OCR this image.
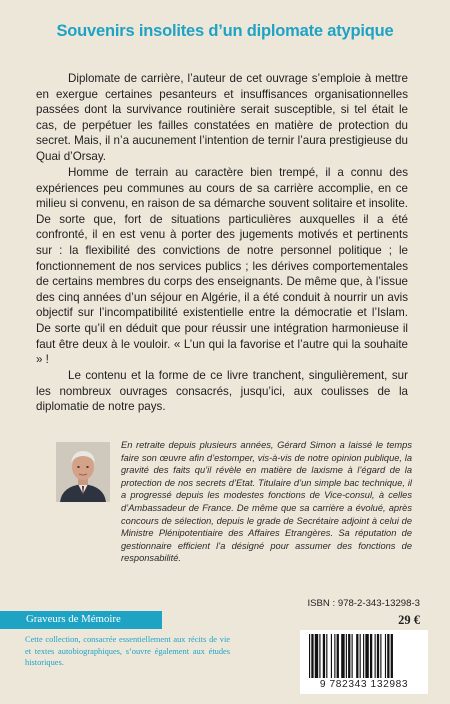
Souvenirs insolites d’un diplomate atypique

Diplomate de carrière, l’auteur de cet ouvrage s’emploie à mettre en exergue certaines pesanteurs et insuffisances organisationnelles passées dont la survivance routinière serait susceptible, si tel était le cas, de perpétuer les failles constatées en matière de protection du secret. Mais, il n’a aucunement l’intention de ternir l’aura prestigieuse du Quai d’Orsay.

Homme de terrain au caractère bien trempé, il a connu des expériences peu communes au cours de sa carrière accomplie, en ce milieu si convenu, en raison de sa démarche souvent solitaire et insolite. De sorte que, fort de situations particulières auxquelles il a été confronté, il en est venu à porter des jugements motivés et pertinents sur : la flexibilité des convictions de notre personnel politique ; le fonctionnement de nos services publics ; les dérives comportementales de certains membres du corps des enseignants. De même que, à l’issue des cinq années d’un séjour en Algérie, il a été conduit à nourrir un avis objectif sur l’incompatibilité existentielle entre la démocratie et l’Islam. De sorte qu’il en déduit que pour réussir une intégration harmonieuse il faut être deux à le vouloir. « L’un qui la favorise et l’autre qui la souhaite » !

Le contenu et la forme de ce livre tranchent, singulièrement, sur les nombreux ouvrages consacrés, jusqu’ici, aux coulisses de la diplomatie de notre pays.

En retraite depuis plusieurs années, Gérard Simon a laissé le temps faire son œuvre afin d’estomper, vis-à-vis de notre opinion publique, la gravité des faits qu’il révèle en matière de laxisme à l’égard de la protection de nos secrets d’Etat. Titulaire d’un simple bac technique, il a progressé depuis les modestes fonctions de Vice-consul, à celles d’Ambassadeur de France. De même que sa carrière a évolué, après concours de sélection, depuis le grade de Secrétaire adjoint à celui de Ministre Plénipotentiaire des Affaires Etrangères. Sa réputation de gestionnaire efficient l’a désigné pour assumer des fonctions de responsabilité.
ISBN : 978-2-343-13298-3
29 €
Graveurs de Mémoire
Cette collection, consacrée essentiellement aux récits de vie et textes autobiographiques, s’ouvre également aux études historiques.
9 782343 132983
